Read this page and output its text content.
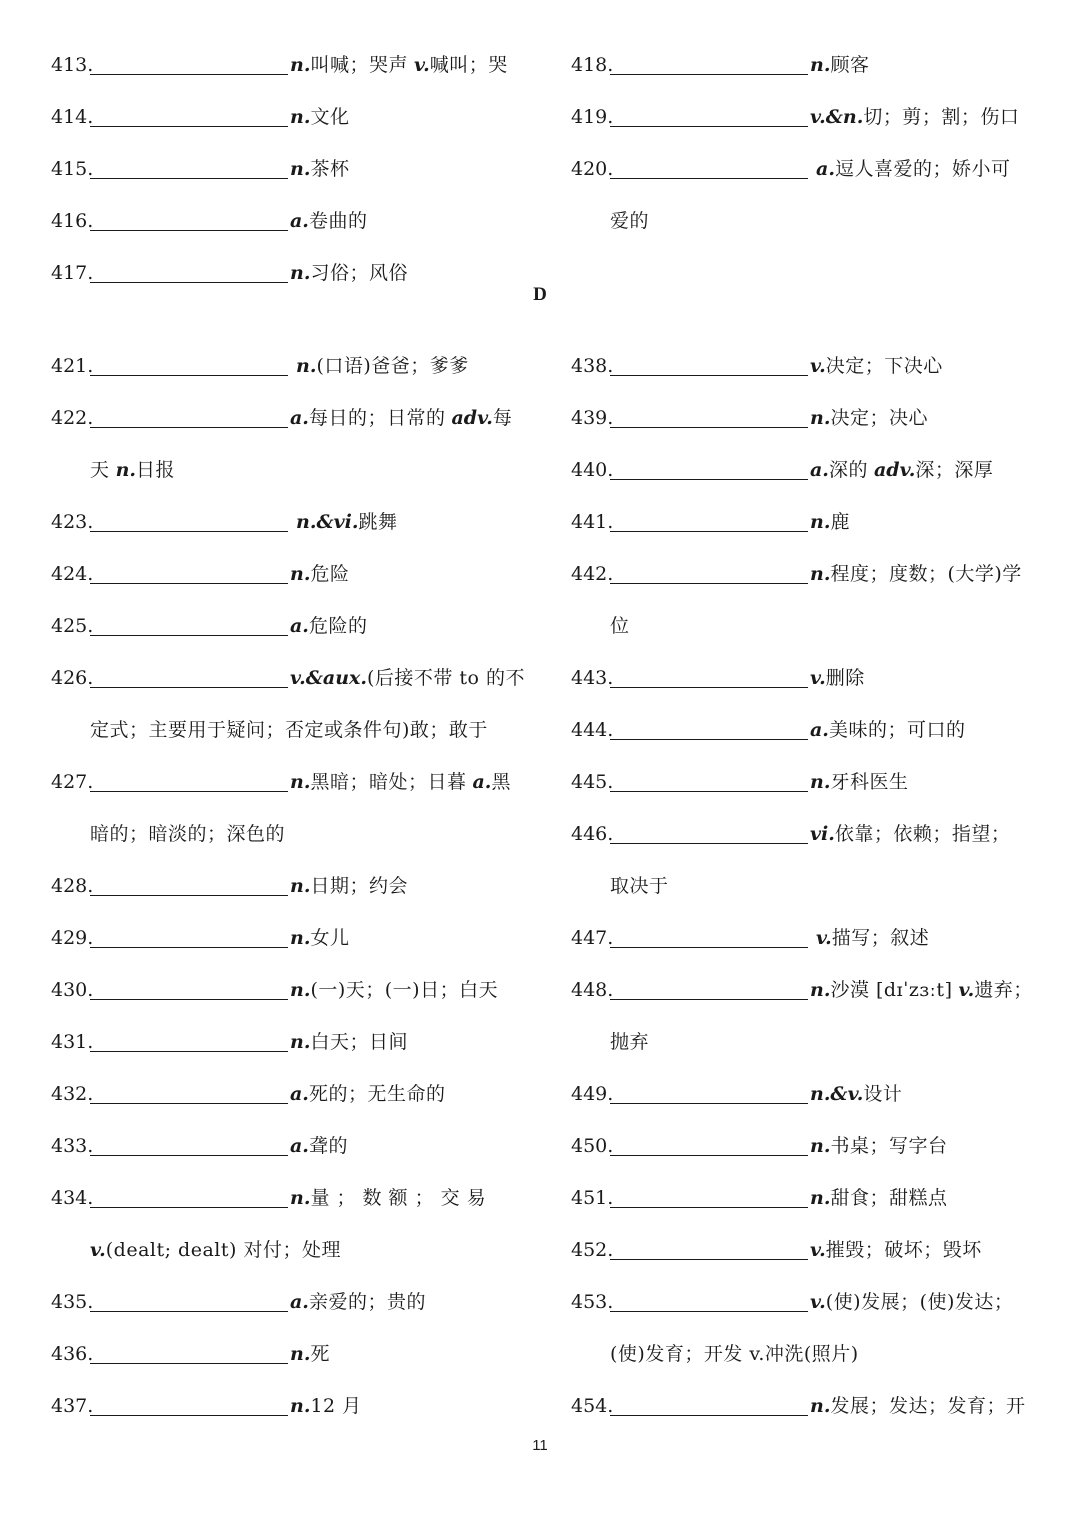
413.	n.叫喊；哭声 v.喊叫；哭
414.	n.文化
415.	n.茶杯
416.	a.卷曲的
417.	n.习俗；风俗
418.	n.顾客
419.	v.&n.切；剪；割；伤口
420.	a.逗人喜爱的；娇小可
爱的
D
421.	n.(口语)爸爸；爹爹
422.	a.每日的；日常的 adv.每
天 n.日报
423.	n.&vi.跳舞
424.	n.危险
425.	a.危险的
426.	v.&aux.(后接不带 to 的不
定式；主要用于疑问；否定或条件句)敢；敢于
427.	n.黑暗；暗处；日暮 a.黑
暗的；暗淡的；深色的
428.	n.日期；约会
429.	n.女儿
430.	n.(一)天；(一)日；白天
431.	n.白天；日间
432.	a.死的；无生命的
433.	a.聋的
434.	n.量 ； 数 额 ； 交 易
v.(dealt; dealt) 对付；处理
435.	a.亲爱的；贵的
436.	n.死
437.	n.12 月
438.	v.决定；下决心
439.	n.决定；决心
440.	a.深的 adv.深；深厚
441.	n.鹿
442.	n.程度；度数；(大学)学
位
443.	v.删除
444.	a.美味的；可口的
445.	n.牙科医生
446.	vi.依靠；依赖；指望；
取决于
447.	v.描写；叙述
448.	n.沙漠 [dɪˈzɜːt] v.遗弃；
抛弃
449.	n.&v.设计
450.	n.书桌；写字台
451.	n.甜食；甜糕点
452.	v.摧毁；破坏；毁坏
453.	v.(使)发展；(使)发达；
(使)发育；开发 v.冲洗(照片)
454.	n.发展；发达；发育；开
11
